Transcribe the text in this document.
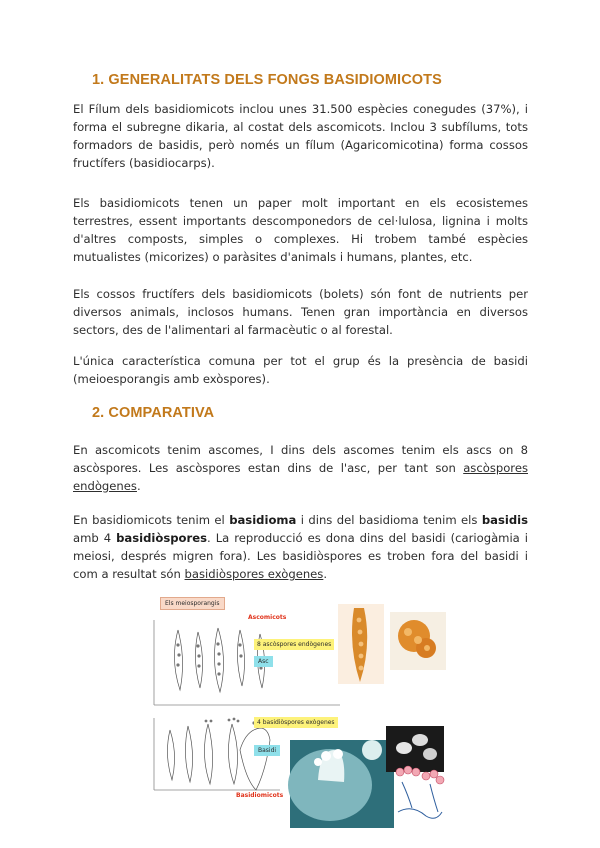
1. GENERALITATS DELS FONGS BASIDIOMICOTS

El Fílum dels basidiomicots inclou unes 31.500 espècies conegudes (37%), i forma el subregne dikaria, al costat dels ascomicots. Inclou 3 subfílums, tots formadors de basidis, però només un fílum (Agaricomicotina) forma cossos fructífers (basidiocarps).

Els basidiomicots tenen un paper molt important en els ecosistemes terrestres, essent importants descomponedors de cel·lulosa, lignina i molts d'altres composts, simples o complexes. Hi trobem també espècies mutualistes (micorizes) o paràsites d'animals i humans, plantes, etc.

Els cossos fructífers dels basidiomicots (bolets) són font de nutrients per diversos animals, inclosos humans. Tenen gran importància en diversos sectors, des de l'alimentari al farmacèutic o al forestal.

L'única característica comuna per tot el grup és la presència de basidi (meioesporangis amb exòspores).

2. COMPARATIVA

En ascomicots tenim ascomes, I dins dels ascomes tenim els ascs on 8 ascòspores. Les ascòspores estan dins de l'asc, per tant son ascòspores endògenes.

En basidiomicots tenim el basidioma i dins del basidioma tenim els basidis amb 4 basidiòspores. La reproducció es dona dins del basidi (cariogàmia i meiosi, després migren fora). Les basidiòspores es troben fora del basidi i com a resultat són basidiòspores exògenes.

Els meiosporangis
Ascomicots
8 ascòspores endògenes
Asc
4 basidiòspores exògenes
Basidi
Basidiomicots
